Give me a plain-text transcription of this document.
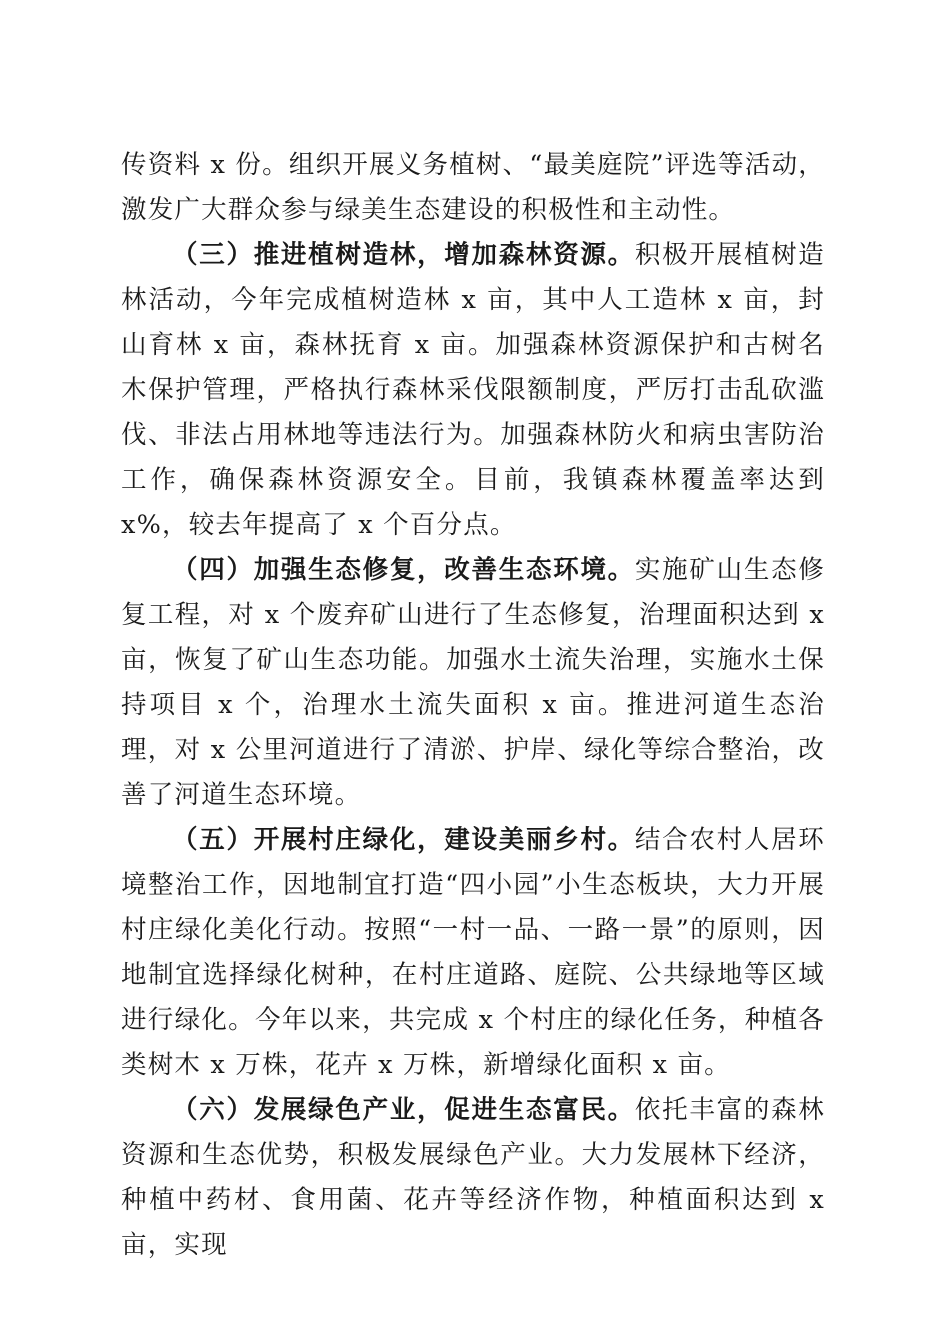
传资料 x 份。组织开展义务植树、“最美庭院”评选等活动，激发广大群众参与绿美生态建设的积极性和主动性。

（三）推进植树造林，增加森林资源。积极开展植树造林活动，今年完成植树造林 x 亩，其中人工造林 x 亩，封山育林 x 亩，森林抚育 x 亩。加强森林资源保护和古树名木保护管理，严格执行森林采伐限额制度，严厉打击乱砍滥伐、非法占用林地等违法行为。加强森林防火和病虫害防治工作，确保森林资源安全。目前，我镇森林覆盖率达到 x%，较去年提高了 x 个百分点。

（四）加强生态修复，改善生态环境。实施矿山生态修复工程，对 x 个废弃矿山进行了生态修复，治理面积达到 x 亩，恢复了矿山生态功能。加强水土流失治理，实施水土保持项目 x 个，治理水土流失面积 x 亩。推进河道生态治理，对 x 公里河道进行了清淤、护岸、绿化等综合整治，改善了河道生态环境。

（五）开展村庄绿化，建设美丽乡村。结合农村人居环境整治工作，因地制宜打造“四小园”小生态板块，大力开展村庄绿化美化行动。按照“一村一品、一路一景”的原则，因地制宜选择绿化树种，在村庄道路、庭院、公共绿地等区域进行绿化。今年以来，共完成 x 个村庄的绿化任务，种植各类树木 x 万株，花卉 x 万株，新增绿化面积 x 亩。

（六）发展绿色产业，促进生态富民。依托丰富的森林资源和生态优势，积极发展绿色产业。大力发展林下经济，种植中药材、食用菌、花卉等经济作物，种植面积达到 x 亩，实现
